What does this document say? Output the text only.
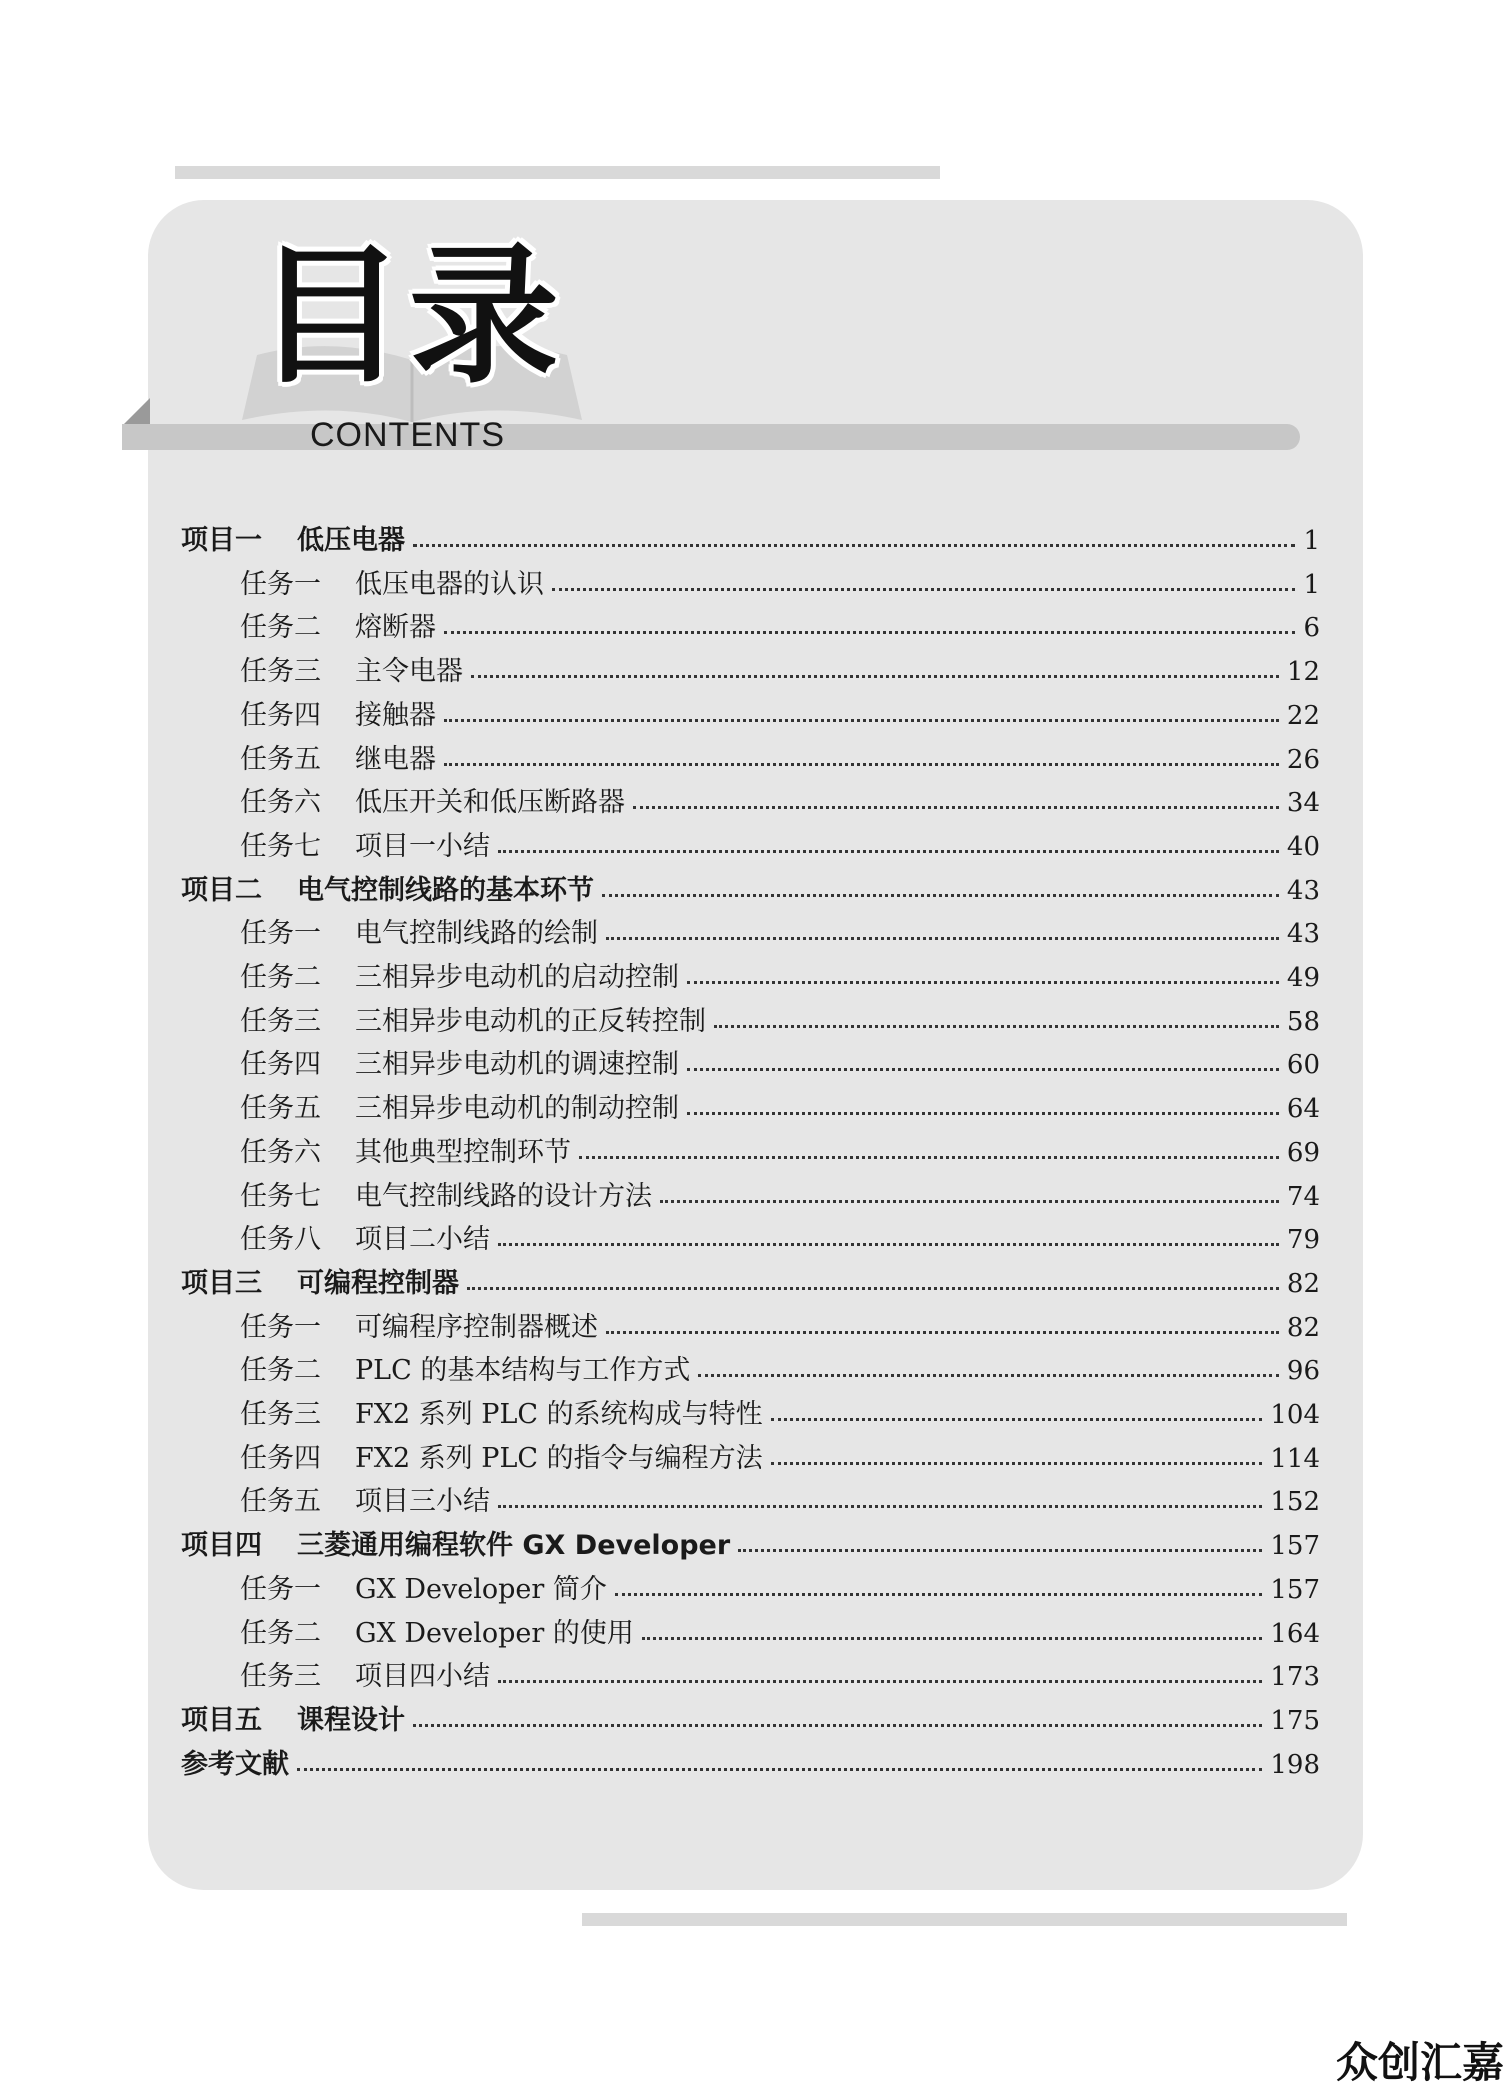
目录
CONTENTS
项目一	低压电器	1
任务一	低压电器的认识	1
任务二	熔断器	6
任务三	主令电器	12
任务四	接触器	22
任务五	继电器	26
任务六	低压开关和低压断路器	34
任务七	项目一小结	40
项目二	电气控制线路的基本环节	43
任务一	电气控制线路的绘制	43
任务二	三相异步电动机的启动控制	49
任务三	三相异步电动机的正反转控制	58
任务四	三相异步电动机的调速控制	60
任务五	三相异步电动机的制动控制	64
任务六	其他典型控制环节	69
任务七	电气控制线路的设计方法	74
任务八	项目二小结	79
项目三	可编程控制器	82
任务一	可编程序控制器概述	82
任务二	PLC 的基本结构与工作方式	96
任务三	FX2 系列 PLC 的系统构成与特性	104
任务四	FX2 系列 PLC 的指令与编程方法	114
任务五	项目三小结	152
项目四	三菱通用编程软件 GX Developer	157
任务一	GX Developer 简介	157
任务二	GX Developer 的使用	164
任务三	项目四小结	173
项目五	课程设计	175
参考文献	198
众创汇嘉
